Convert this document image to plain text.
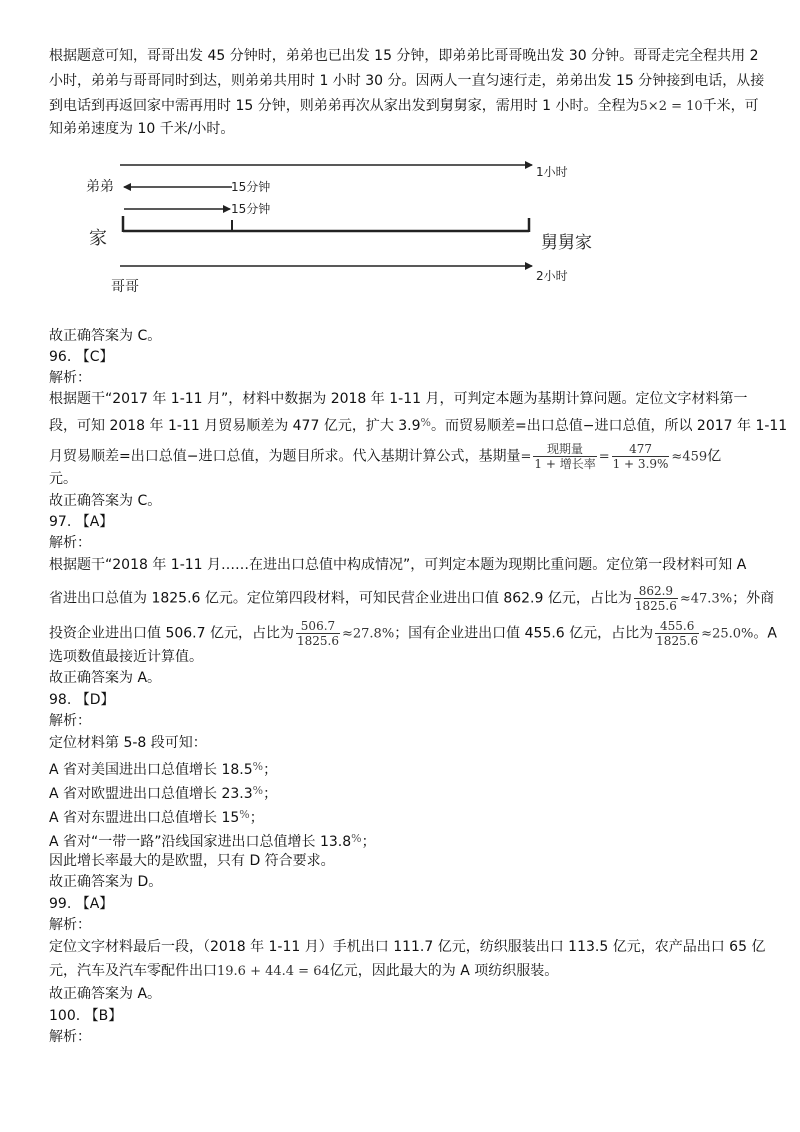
根据题意可知，哥哥出发 45 分钟时，弟弟也已出发 15 分钟，即弟弟比哥哥晚出发 30 分钟。哥哥走完全程共用 2
小时，弟弟与哥哥同时到达，则弟弟共用时 1 小时 30 分。因两人一直匀速行走，弟弟出发 15 分钟接到电话，从接
到电话到再返回家中需再用时 15 分钟，则弟弟再次从家出发到舅舅家，需用时 1 小时。全程为5×2 = 10千米，可
知弟弟速度为 10 千米/小时。
1小时
弟弟	15分钟
15分钟
家	舅舅家
哥哥
2小时
故正确答案为 C。
96. 【C】
解析：
根据题干“2017 年 1-11 月”，材料中数据为 2018 年 1-11 月，可判定本题为基期计算问题。定位文字材料第一
段，可知 2018 年 1-11 月贸易顺差为 477 亿元，扩大 3.9%。而贸易顺差=出口总值−进口总值，所以 2017 年 1-11
月贸易顺差=出口总值−进口总值，为题目所求。代入基期计算公式，基期量= $\frac{\text{现期量}}{\text{1 + 增长率}} = \frac{477}{1 + 3.9\%} \approx 459$亿
元。
故正确答案为 C。
97. 【A】
解析：
根据题干“2018 年 1-11 月……在进出口总值中构成情况”，可判定本题为现期比重问题。定位第一段材料可知 A
省进出口总值为 1825.6 亿元。定位第四段材料，可知民营企业进出口值 862.9 亿元，占比为 $\frac{862.9}{1825.6} \approx 47.3\%$；外商
投资企业进出口值 506.7 亿元，占比为 $\frac{506.7}{1825.6} \approx 27.8\%$；国有企业进出口值 455.6 亿元，占比为 $\frac{455.6}{1825.6} \approx 25.0\%$。A
选项数值最接近计算值。
故正确答案为 A。
98. 【D】
解析：
定位材料第 5-8 段可知：
A 省对美国进出口总值增长 18.5%；
A 省对欧盟进出口总值增长 23.3%；
A 省对东盟进出口总值增长 15%；
A 省对“一带一路”沿线国家进出口总值增长 13.8%；
因此增长率最大的是欧盟，只有 D 符合要求。
故正确答案为 D。
99. 【A】
解析：
定位文字材料最后一段，（2018 年 1-11 月）手机出口 111.7 亿元，纺织服装出口 113.5 亿元，农产品出口 65 亿
元，汽车及汽车零配件出口19.6 + 44.4 = 64亿元，因此最大的为 A 项纺织服装。
故正确答案为 A。
100. 【B】
解析：
